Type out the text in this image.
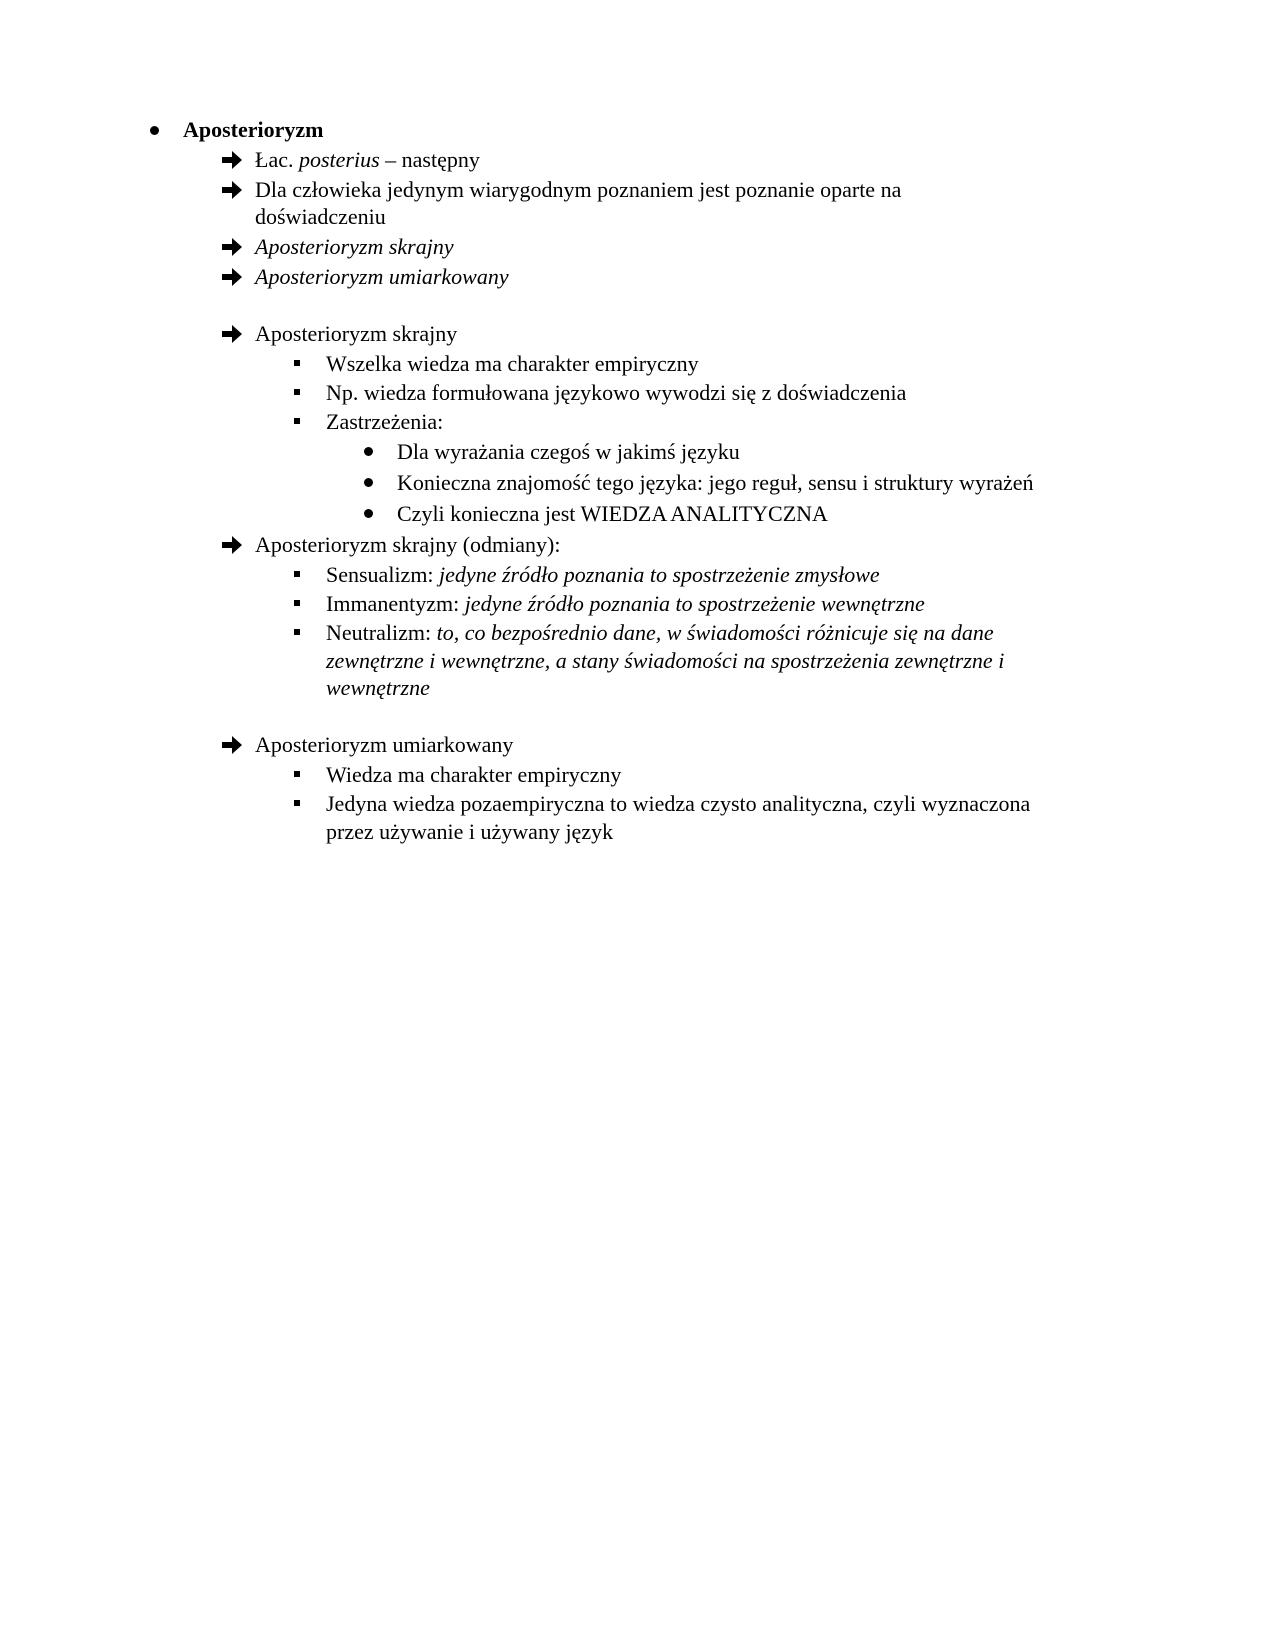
Aposterioryzm
Łac. posterius – następny
Dla człowieka jedynym wiarygodnym poznaniem jest poznanie oparte na
doświadczeniu
Aposterioryzm skrajny
Aposterioryzm umiarkowany
Aposterioryzm skrajny
Wszelka wiedza ma charakter empiryczny
Np. wiedza formułowana językowo wywodzi się z doświadczenia
Zastrzeżenia:
Dla wyrażania czegoś w jakimś języku
Konieczna znajomość tego języka: jego reguł, sensu i struktury wyrażeń
Czyli konieczna jest WIEDZA ANALITYCZNA
Aposterioryzm skrajny (odmiany):
Sensualizm: jedyne źródło poznania to spostrzeżenie zmysłowe
Immanentyzm: jedyne źródło poznania to spostrzeżenie wewnętrzne
Neutralizm: to, co bezpośrednio dane, w świadomości różnicuje się na dane
zewnętrzne i wewnętrzne, a stany świadomości na spostrzeżenia zewnętrzne i
wewnętrzne
Aposterioryzm umiarkowany
Wiedza ma charakter empiryczny
Jedyna wiedza pozaempiryczna to wiedza czysto analityczna, czyli wyznaczona
przez używanie i używany język
